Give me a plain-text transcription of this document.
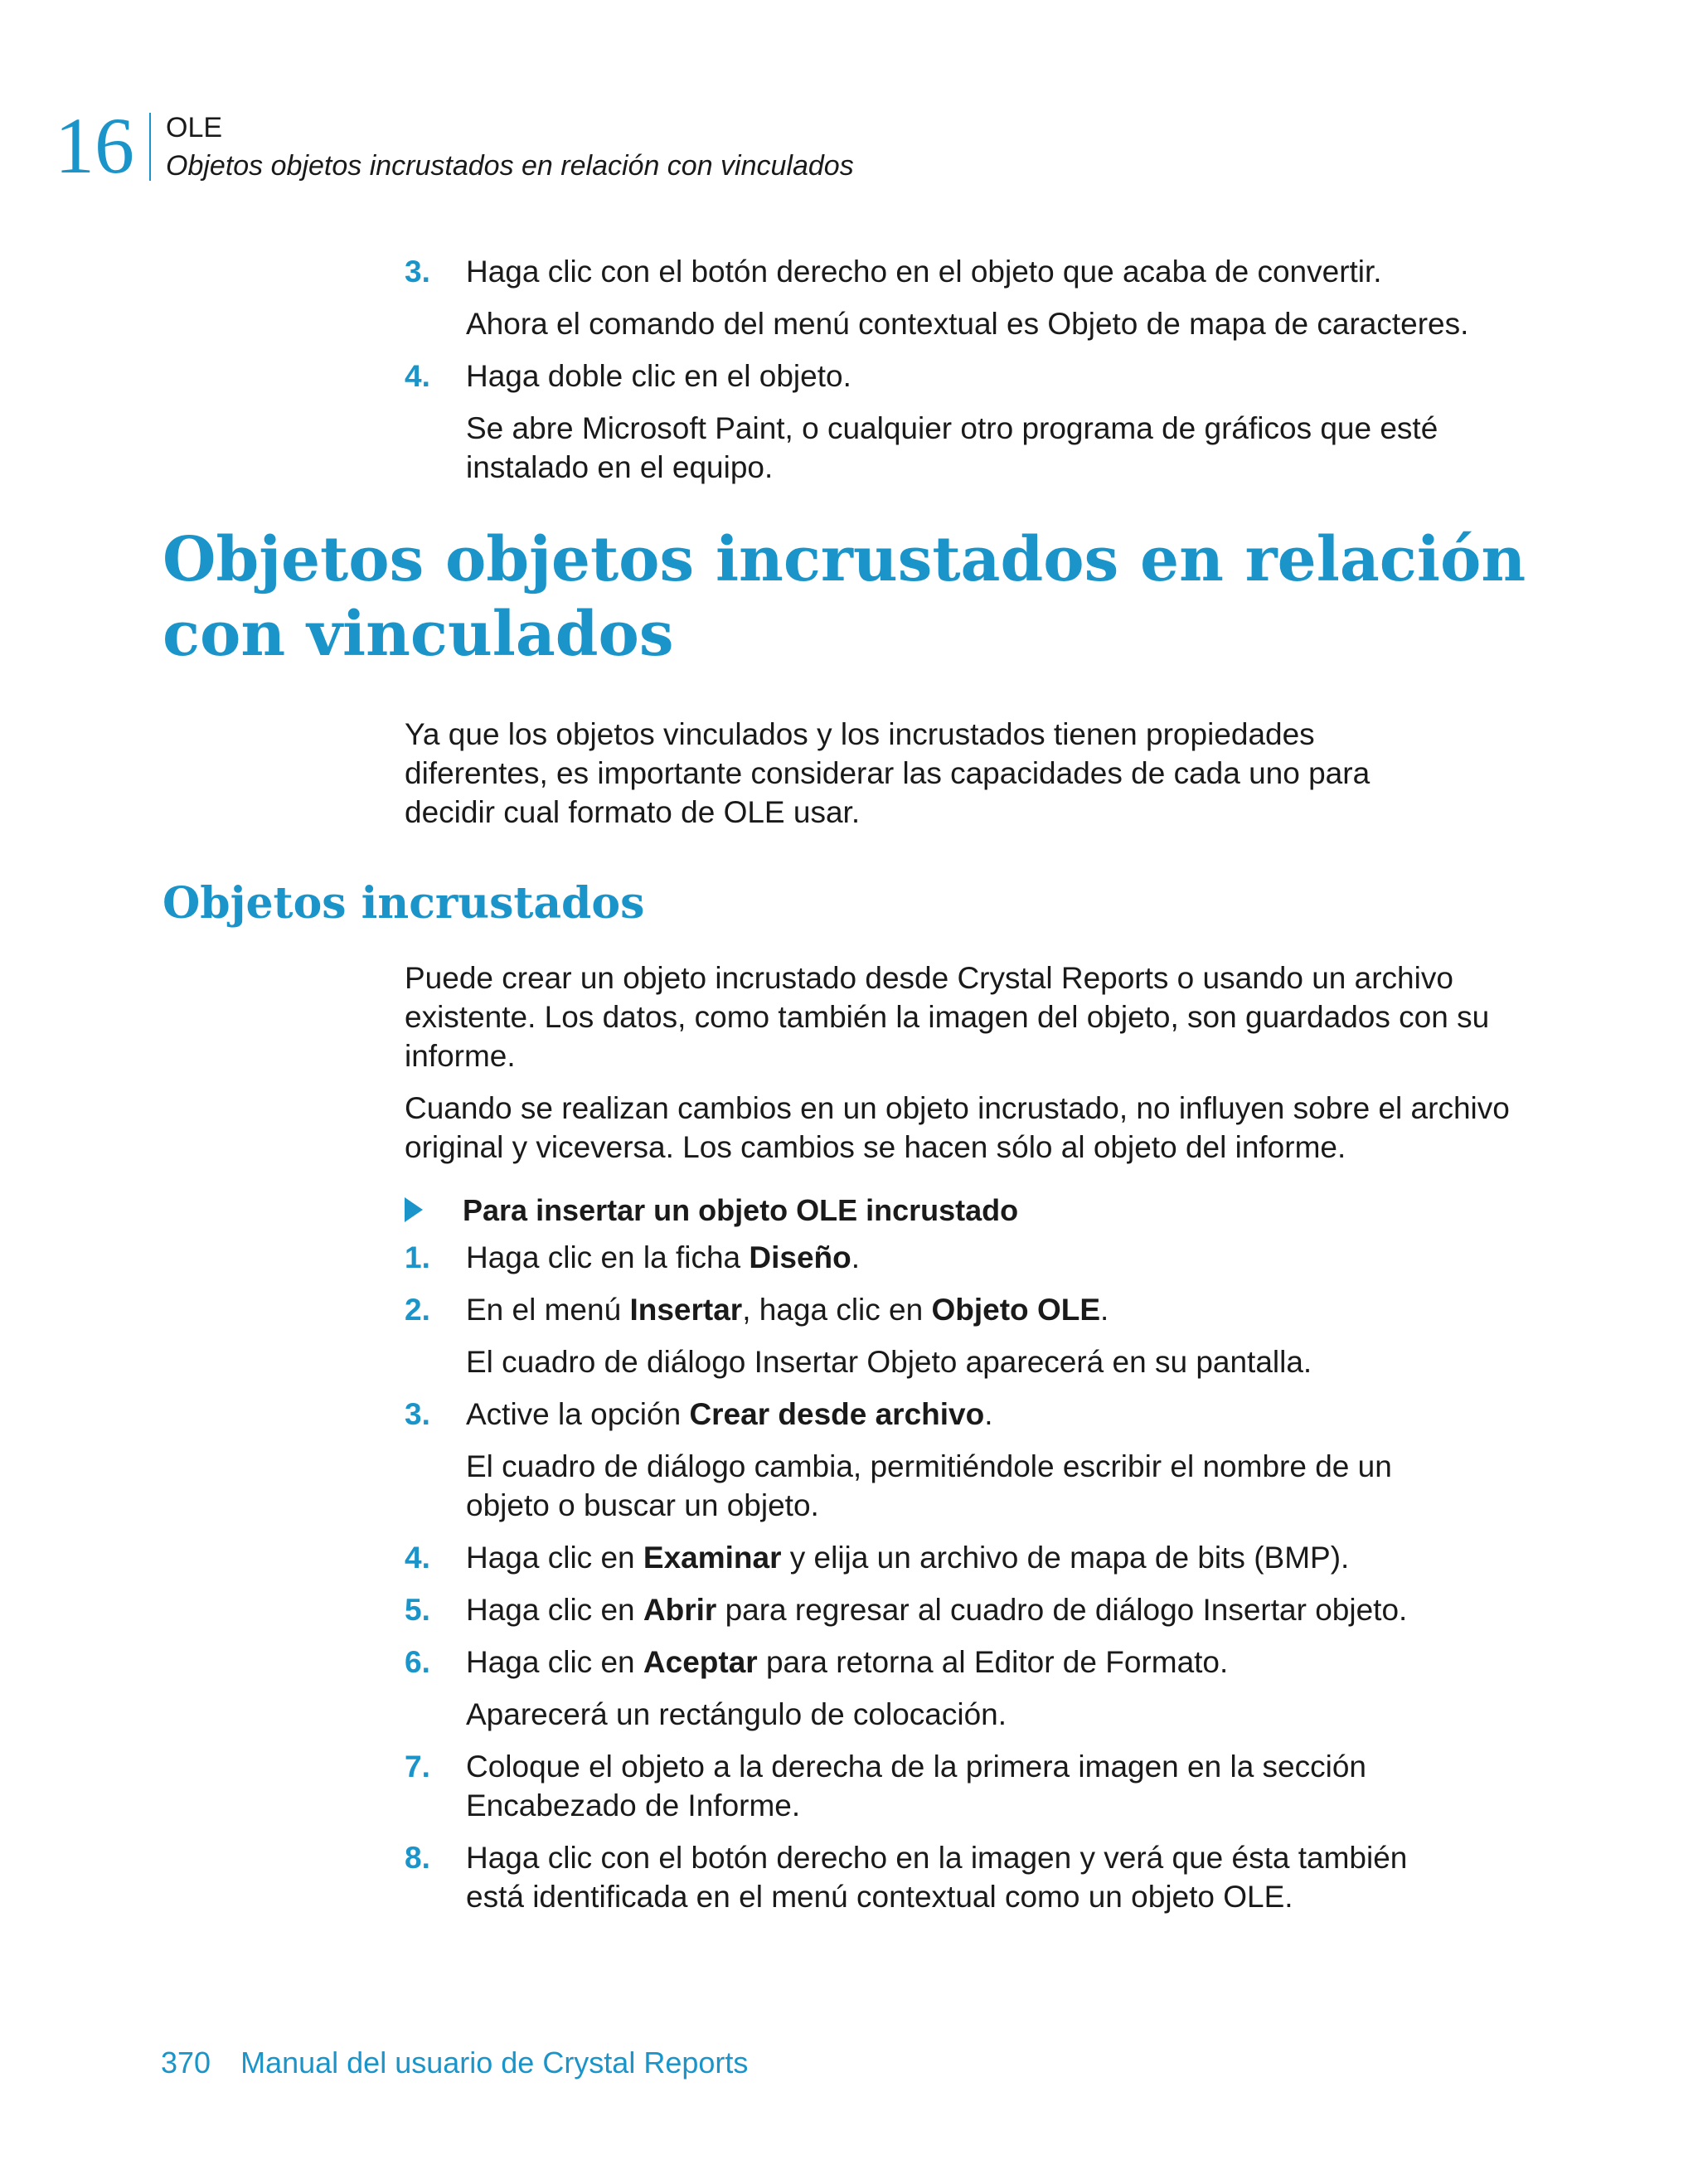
16 OLE
Objetos objetos incrustados en relación con vinculados
3. Haga clic con el botón derecho en el objeto que acaba de convertir.
Ahora el comando del menú contextual es Objeto de mapa de caracteres.
4. Haga doble clic en el objeto.
Se abre Microsoft Paint, o cualquier otro programa de gráficos que esté instalado en el equipo.
Objetos objetos incrustados en relación con vinculados
Ya que los objetos vinculados y los incrustados tienen propiedades diferentes, es importante considerar las capacidades de cada uno para decidir cual formato de OLE usar.
Objetos incrustados
Puede crear un objeto incrustado desde Crystal Reports o usando un archivo existente. Los datos, como también la imagen del objeto, son guardados con su informe.
Cuando se realizan cambios en un objeto incrustado, no influyen sobre el archivo original y viceversa. Los cambios se hacen sólo al objeto del informe.
Para insertar un objeto OLE incrustado
1. Haga clic en la ficha Diseño.
2. En el menú Insertar, haga clic en Objeto OLE.
El cuadro de diálogo Insertar Objeto aparecerá en su pantalla.
3. Active la opción Crear desde archivo.
El cuadro de diálogo cambia, permitiéndole escribir el nombre de un objeto o buscar un objeto.
4. Haga clic en Examinar y elija un archivo de mapa de bits (BMP).
5. Haga clic en Abrir para regresar al cuadro de diálogo Insertar objeto.
6. Haga clic en Aceptar para retorna al Editor de Formato.
Aparecerá un rectángulo de colocación.
7. Coloque el objeto a la derecha de la primera imagen en la sección Encabezado de Informe.
8. Haga clic con el botón derecho en la imagen y verá que ésta también está identificada en el menú contextual como un objeto OLE.
370 Manual del usuario de Crystal Reports
